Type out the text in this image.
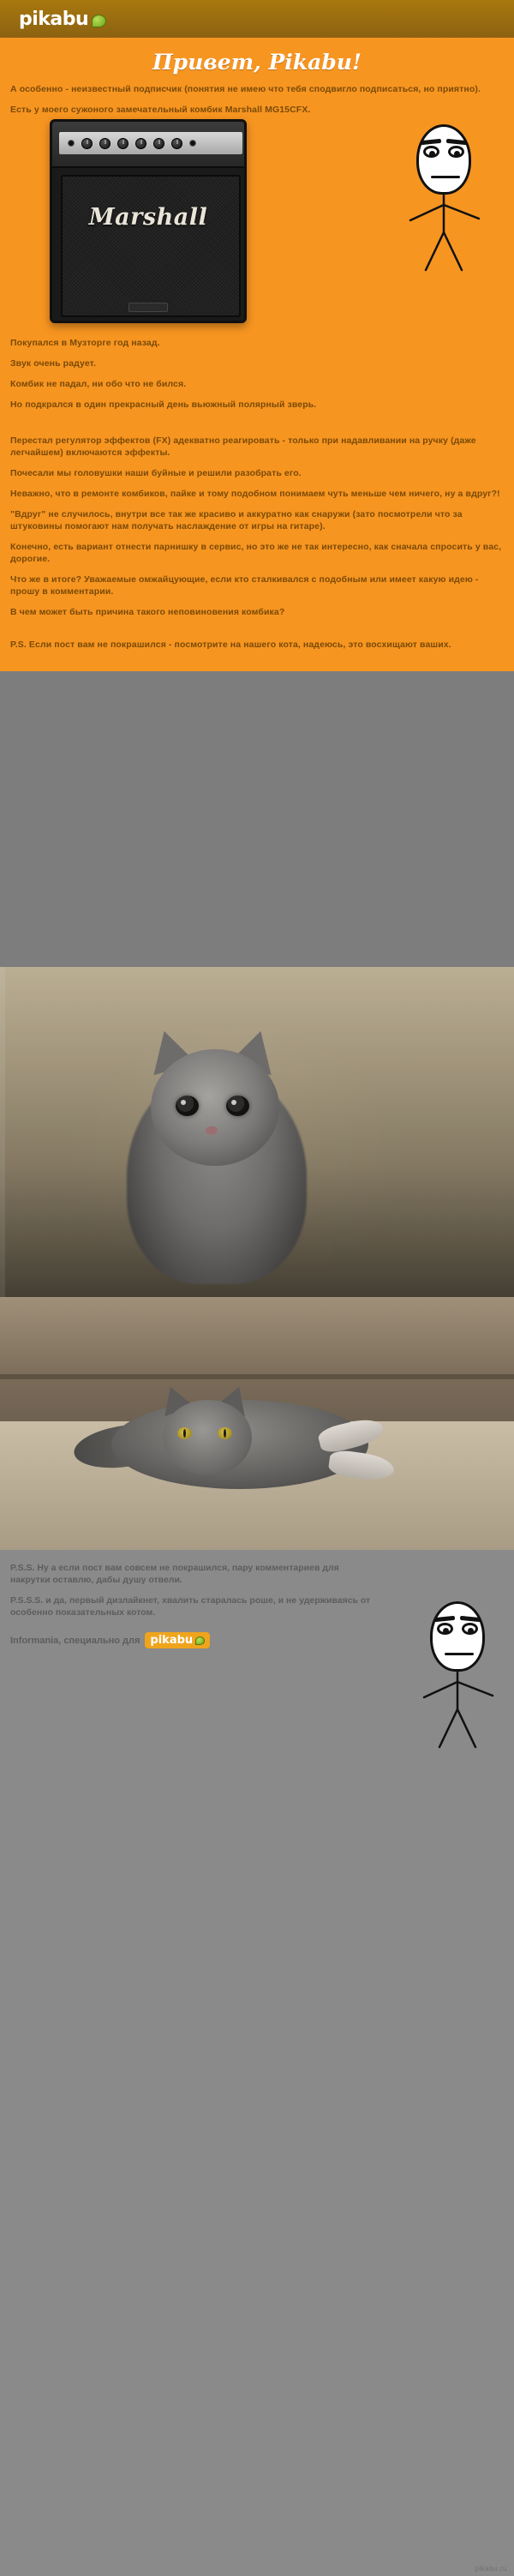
pikabu
Привет, Pikabu!

А особенно - неизвестный подписчик (понятия не имею что тебя сподвигло подписаться, но приятно).

Есть у моего сужоного замечательный комбик Marshall MG15CFX.

Marshall

Покупался в Музторге год назад.

Звук очень радует.

Комбик не падал, ни обо что не бился.

Но подкрался в один прекрасный день вьюжный полярный зверь.

Перестал регулятор эффектов (FX) адекватно реагировать - только при надавливании на ручку (даже легчайшем) включаются эффекты.

Почесали мы головушки наши буйные и решили разобрать его.

Неважно, что в ремонте комбиков, пайке и тому подобном понимаем чуть меньше чем ничего, ну а вдруг?!

"Вдруг" не случилось, внутри все так же красиво и аккуратно как снаружи (зато посмотрели что за штуковины помогают нам получать наслаждение от игры на гитаре).

Конечно, есть вариант отнести парнишку в сервис, но это же не так интересно, как сначала спросить у вас, дорогие.

Что же в итоге? Уважаемые омжайцующие, если кто сталкивался с подобным или имеет какую идею - прошу в комментарии.

В чем может быть причина такого неповиновения комбика?

P.S. Если пост вам не покрашился - посмотрите на нашего кота, надеюсь, это восхищают ваших.

P.S.S. Ну а если пост вам совсем не покрашился, пару комментариев для накрутки оставлю, дабы душу отвели.

P.S.S.S. и да, первый дизлайкнет, хвалить старалась роше, и не удерживаясь от особенно показательных котом.

Informania, специально для pikabu
pikabu.ru
